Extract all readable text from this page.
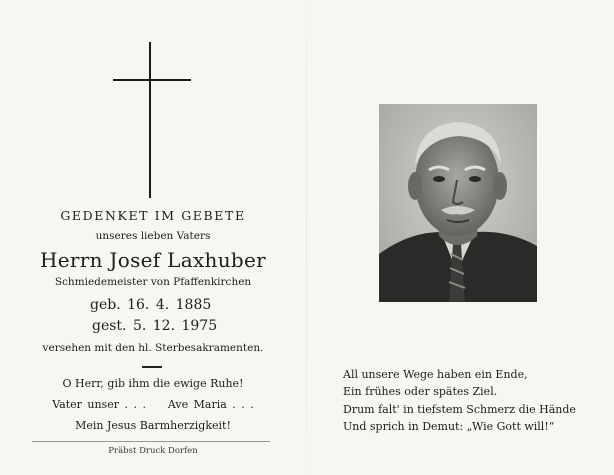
GEDENKET IM GEBETE
unseres lieben Vaters
Herrn Josef Laxhuber
Schmiedemeister von Pfaffenkirchen
geb. 16. 4. 1885
gest. 5. 12. 1975
versehen mit den hl. Sterbesakramenten.
O Herr, gib ihm die ewige Ruhe!
Vater unser . . .    Ave Maria . . .
Mein Jesus Barmherzigkeit!
Präbst Druck Dorfen
All unsere Wege haben ein Ende,
Ein frühes oder spätes Ziel.
Drum falt' in tiefstem Schmerz die Hände
Und sprich in Demut: „Wie Gott will!“
